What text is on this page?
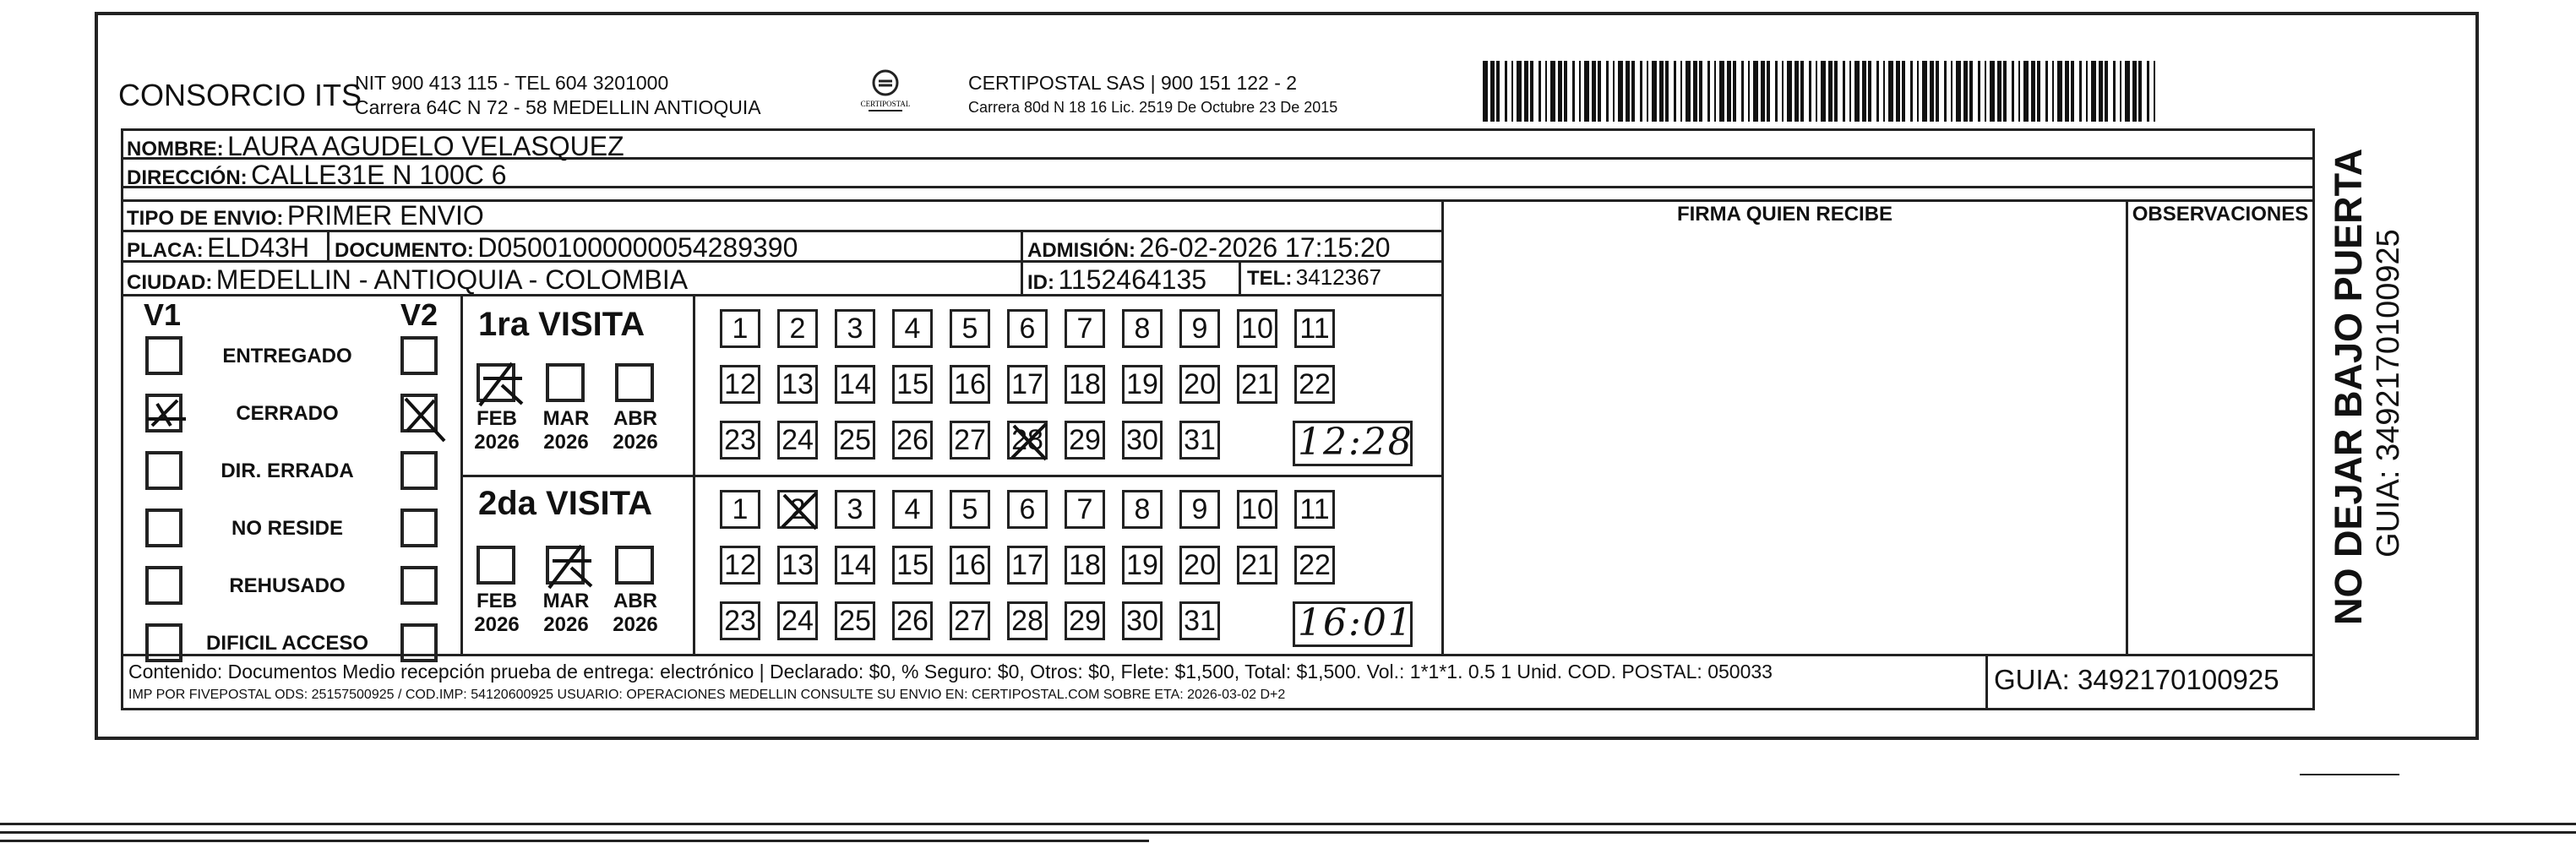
CONSORCIO ITS
NIT 900 413 115 - TEL 604 3201000
Carrera 64C N 72 - 58 MEDELLIN ANTIOQUIA	CERTIPOSTAL
CERTIPOSTAL SAS | 900 151 122 - 2
Carrera 80d N 18 16 Lic. 2519 De Octubre 23 De 2015
NOMBRE: LAURA AGUDELO VELASQUEZ
DIRECCIÓN: CALLE31E N 100C 6
TIPO DE ENVIO: PRIMER ENVIO
PLACA: ELD43H DOCUMENTO: D05001000000054289390	ADMISIÓN: 26-02-2026 17:15:20
CIUDAD: MEDELLIN - ANTIOQUIA - COLOMBIA	ID: 1152464135 TEL: 3412367
FIRMA QUIEN RECIBE	OBSERVACIONES
V1	V2 1ra VISITA
2da VISITA
Contenido: Documentos Medio recepción prueba de entrega: electrónico | Declarado: $0, % Seguro: $0, Otros: $0, Flete: $1,500, Total: $1,500. Vol.: 1*1*1. 0.5 1 Unid. COD. POSTAL: 050033
IMP POR FIVEPOSTAL ODS: 25157500925 / COD.IMP: 54120600925 USUARIO: OPERACIONES MEDELLIN CONSULTE SU ENVIO EN: CERTIPOSTAL.COM SOBRE ETA: 2026-03-02 D+2	GUIA: 3492170100925
NO DEJAR BAJO PUERTA GUIA: 3492170100925
ENTREGADO
CERRADO
DIR. ERRADA
NO RESIDE
REHUSADO
DIFICIL ACCESO
FEB
2026
MAR
2026
ABR
2026
FEB
2026
MAR
2026
ABR
2026
1	2	3	4	5	6	7	8	9	10 11
12 13 14 15 16 17 18 19 20 21 22
23 24 25 26 27 28 29 30 31 12:28
1	2	3	4	5	6	7	8	9	10 11
12 13 14 15 16 17 18 19 20 21 22
23 24 25 26 27 28 29 30 31 16:01
